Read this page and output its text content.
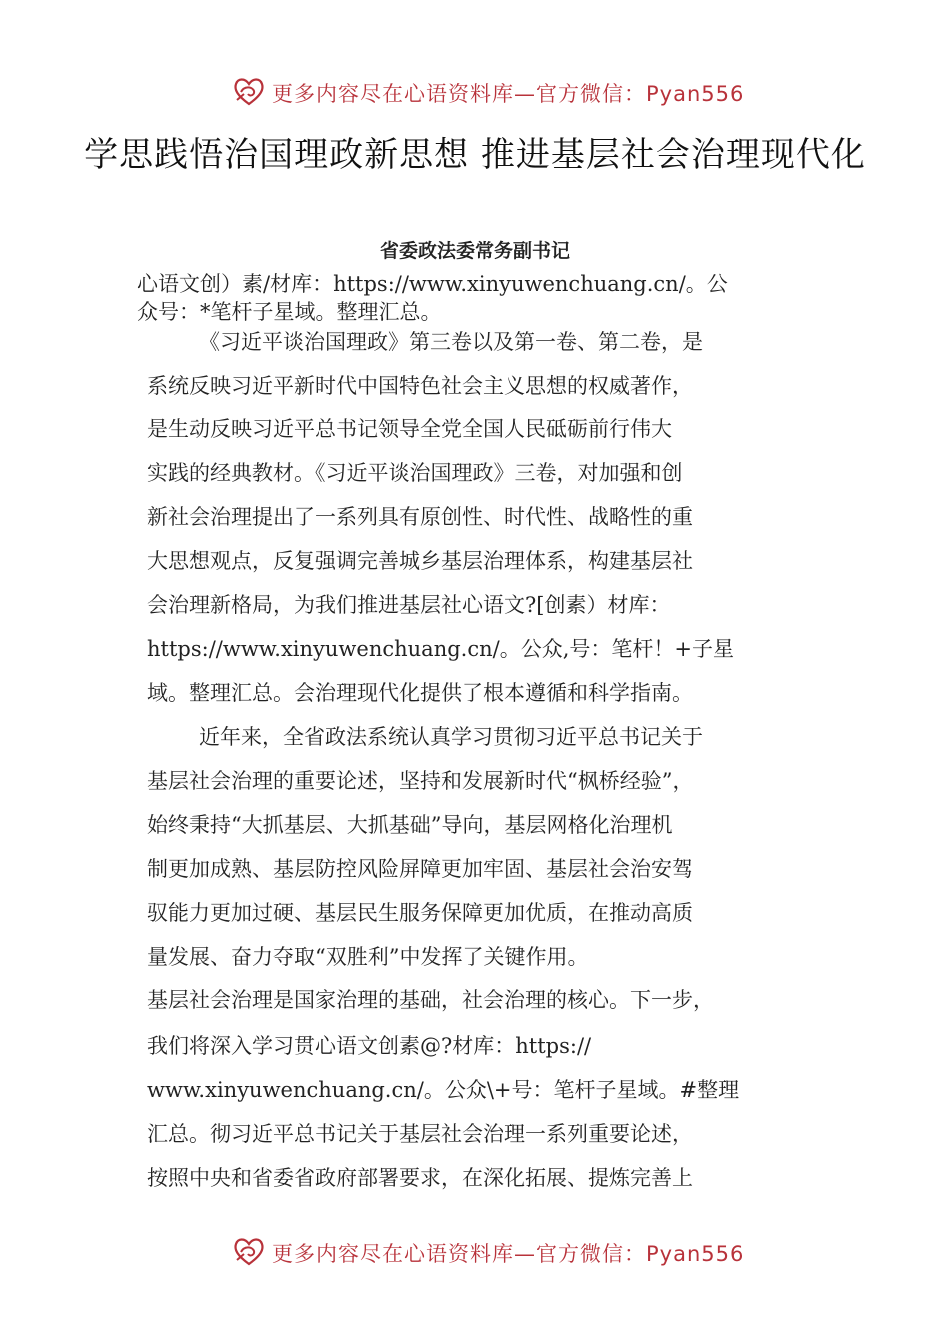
更多内容尽在心语资料库—官方微信：Pyan556
学思践悟治国理政新思想 推进基层社会治理现代化
省委政法委常务副书记
心语文创）素/材库：https://www.xinyuwenchuang.cn/。公
众号：*笔杆子星域。整理汇总。
《习近平谈治国理政》第三卷以及第一卷、第二卷，是
系统反映习近平新时代中国特色社会主义思想的权威著作，
是生动反映习近平总书记领导全党全国人民砥砺前行伟大
实践的经典教材。《习近平谈治国理政》三卷，对加强和创
新社会治理提出了一系列具有原创性、时代性、战略性的重
大思想观点，反复强调完善城乡基层治理体系，构建基层社
会治理新格局，为我们推进基层社心语文?[创素）材库：
https://www.xinyuwenchuang.cn/。公众,号：笔杆！+子星
域。整理汇总。会治理现代化提供了根本遵循和科学指南。
近年来，全省政法系统认真学习贯彻习近平总书记关于
基层社会治理的重要论述，坚持和发展新时代“枫桥经验”，
始终秉持“大抓基层、大抓基础”导向，基层网格化治理机
制更加成熟、基层防控风险屏障更加牢固、基层社会治安驾
驭能力更加过硬、基层民生服务保障更加优质，在推动高质
量发展、奋力夺取“双胜利”中发挥了关键作用。
基层社会治理是国家治理的基础，社会治理的核心。下一步，
我们将深入学习贯心语文创素@?材库：https://
www.xinyuwenchuang.cn/。公众\+号：笔杆子星域。#整理
汇总。彻习近平总书记关于基层社会治理一系列重要论述，
按照中央和省委省政府部署要求，在深化拓展、提炼完善上
更多内容尽在心语资料库—官方微信：Pyan556
